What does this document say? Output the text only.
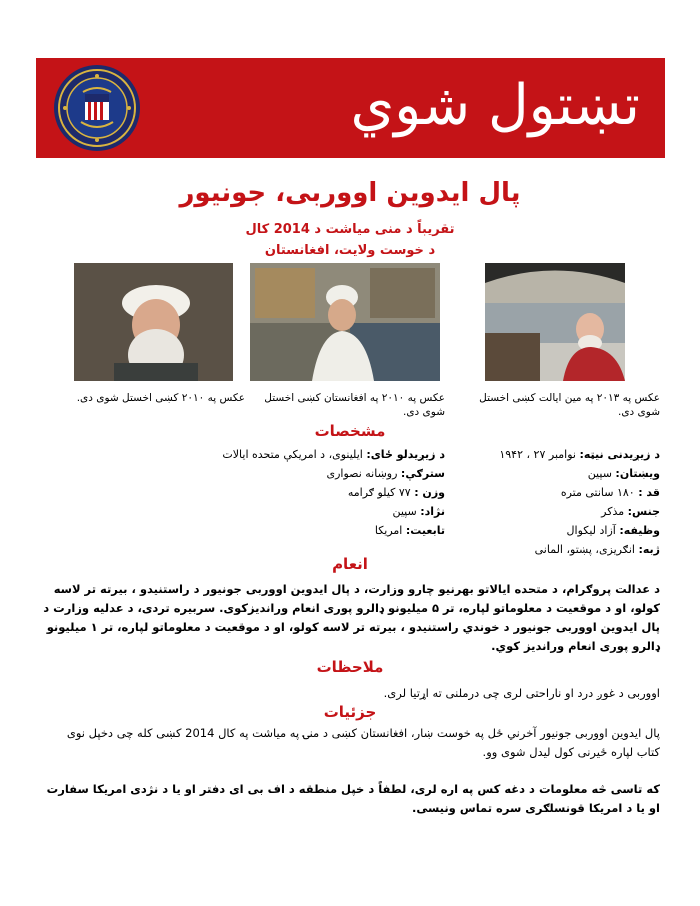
تښتول شوي
پال ایدوین اووربی، جونیور
تقریباً د منی میاشت د 2014 کال
د خوست ولایت، افغانستان
عکس په ۲۰۱۰ کښی اخستل شوی دی.	عکس په ۲۰۱۰ په افغانستان کښی اخستل شوی دی.
عکس په ۲۰۱۳ په مین ایالت کښی اخستل شوی دی.
مشخصات
د زیږیدنی نیټه: نوامبر ۲۷ ، ۱۹۴۲
ویښتان: سپین
قد : ۱۸۰ سانتی متره
جنس: مذکر
وظیفه: آزاد لیکوال
ژبه: انګریزی، پښتو، المانی
د زیږیدلو ځای: ایلینوی، د امریکې متحده ایالات
سترګې: روښانه نصواری
وزن : ۷۷ کیلو ګرامه
نژاد: سپین
تابعیت: امریکا
انعام
د عدالت پروګرام، د متحده ایالاتو بهرنیو چارو وزارت، د پال ایدوین اووربی جونیور د راستنیدو ، بیرته تر لاسه کولو، او د موقعیت د معلوماتو لپاره، تر ۵ میلیونو ډالرو پوری انعام وراندیزکوی. سربیره تردی، د عدلیه وزارت د پال ایدوین اووربی جونیور د خوندي راستنیدو ، بیرته تر لاسه کولو، او د موقعیت د معلوماتو لپاره، تر ۱ میلیونو ډالرو پوری انعام وراندیز کوي.
ملاحظات
اووربی د غوږ درد او ناراحتی لری چی درملنی ته اړتیا لری.
جزئیات
پال ایدوین اووربی جونیور آخرني ځل په خوست ښار، افغانستان کښی د منۍ په میاشت په کال 2014 کښی کله چی دخپل نوی کتاب لپاره ځیرنی کول لیدل شوی وو.
که تاسی څه معلومات د دغه کس په اره لری، لطفاً د خپل منطقه د اف بی ای دفتر او یا د نژدی امریکا سفارت او یا د امریکا قونسلګری سره تماس ونیسی.
